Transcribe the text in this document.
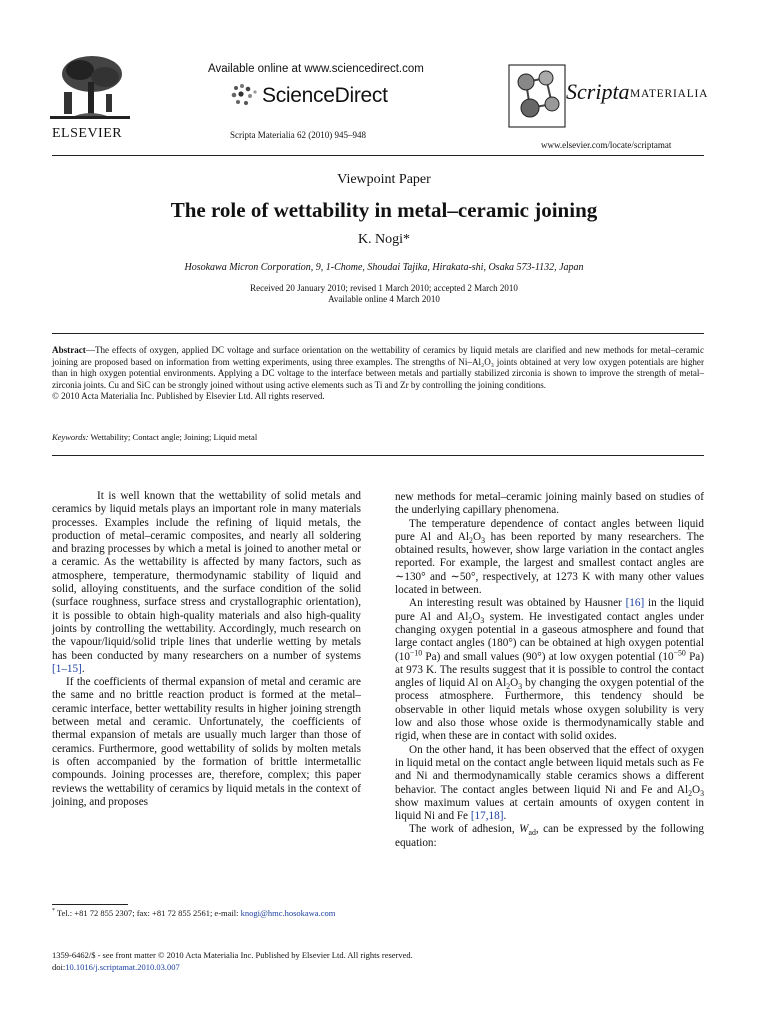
ELSEVIER
Available online at www.sciencedirect.com
ScienceDirect
Scripta Materialia 62 (2010) 945–948
Scripta MATERIALIA
www.elsevier.com/locate/scriptamat
Viewpoint Paper
The role of wettability in metal–ceramic joining
K. Nogi*
Hosokawa Micron Corporation, 9, 1-Chome, Shoudai Tajika, Hirakata-shi, Osaka 573-1132, Japan
Received 20 January 2010; revised 1 March 2010; accepted 2 March 2010
Available online 4 March 2010
Abstract—The effects of oxygen, applied DC voltage and surface orientation on the wettability of ceramics by liquid metals are clarified and new methods for metal–ceramic joining are proposed based on information from wetting experiments, using three examples. The strengths of Ni–Al₂O₃ joints obtained at very low oxygen potentials are higher than in high oxygen potential environments. Applying a DC voltage to the interface between metals and partially stabilized zirconia is shown to improve the strength of metal–zirconia joints. Cu and SiC can be strongly joined without using active elements such as Ti and Zr by controlling the joining conditions.
© 2010 Acta Materialia Inc. Published by Elsevier Ltd. All rights reserved.
Keywords: Wettability; Contact angle; Joining; Liquid metal

It is well known that the wettability of solid metals and ceramics by liquid metals plays an important role in many materials processes. Examples include the refining of liquid metals, the production of metal–ceramic composites, and nearly all soldering and brazing processes by which a metal is joined to another metal or a ceramic. As the wettability is affected by many factors, such as atmosphere, temperature, thermodynamic stability of liquid and solid, alloying constituents, and the surface condition of the solid (surface roughness, surface stress and crystallographic orientation), it is possible to obtain high-quality materials and also high-quality joints by controlling the wettability. Accordingly, much research on the vapour/liquid/solid triple lines that underlie wetting by metals has been conducted by many researchers on a number of systems [1–15].

If the coefficients of thermal expansion of metal and ceramic are the same and no brittle reaction product is formed at the metal–ceramic interface, better wettability results in higher joining strength between metal and ceramic. Unfortunately, the coefficients of thermal expansion of metals are usually much larger than those of ceramics. Furthermore, good wettability of solids by molten metals is often accompanied by the formation of brittle intermetallic compounds. Joining processes are, therefore, complex; this paper reviews the wettability of ceramics by liquid metals in the context of joining, and proposes

new methods for metal–ceramic joining mainly based on studies of the underlying capillary phenomena.

The temperature dependence of contact angles between liquid pure Al and $Al_2O_3$ has been reported by many researchers. The obtained results, however, show large variation in the contact angles reported. For example, the largest and smallest contact angles are ∼130° and ∼50°, respectively, at 1273 K with many other values located in between.

An interesting result was obtained by Hausner [16] in the liquid pure Al and $Al_2O_3$ system. He investigated contact angles under changing oxygen potential in a gaseous atmosphere and found that large contact angles (180°) can be obtained at high oxygen potential ($10^{-10}$ Pa) and small values (90°) at low oxygen potential ($10^{-50}$ Pa) at 973 K. The results suggest that it is possible to control the contact angles of liquid Al on $Al_2O_3$ by changing the oxygen potential of the process atmosphere. Furthermore, this tendency should be observable in other liquid metals whose oxygen solubility is very low and also those whose oxide is thermodynamically stable and rigid, when these are in contact with solid oxides.

On the other hand, it has been observed that the effect of oxygen in liquid metal on the contact angle between liquid metals such as Fe and Ni and thermodynamically stable ceramics shows a different behavior. The contact angles between liquid Ni and Fe and $Al_2O_3$ show maximum values at certain amounts of oxygen content in liquid Ni and Fe [17,18].

The work of adhesion, $W_{ad}$, can be expressed by the following equation:

* Tel.: +81 72 855 2307; fax: +81 72 855 2561; e-mail: knogi@hmc.hosokawa.com
1359-6462/$ - see front matter © 2010 Acta Materialia Inc. Published by Elsevier Ltd. All rights reserved.
doi:10.1016/j.scriptamat.2010.03.007
